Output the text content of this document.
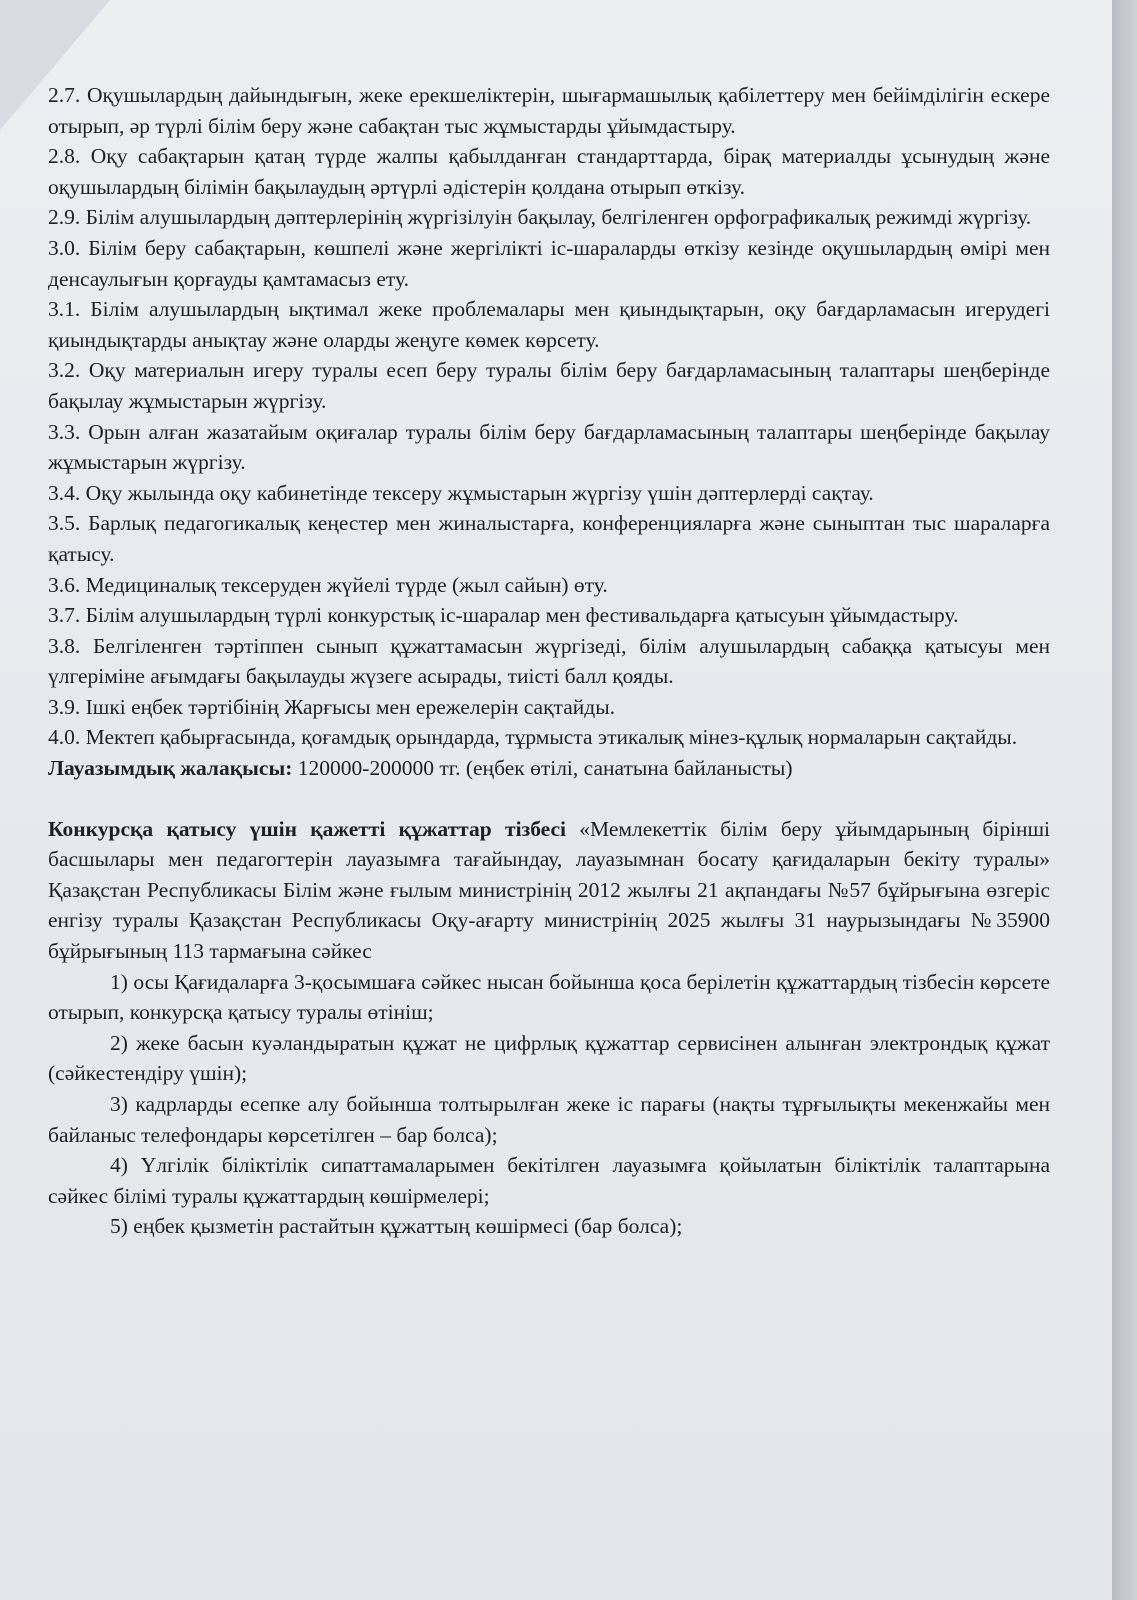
2.7. Оқушылардың дайындығын, жеке ерекшеліктерін, шығармашылық қабілеттеру мен бейімділігін ескере отырып, әр түрлі білім беру және сабақтан тыс жұмыстарды ұйымдастыру.

2.8. Оқу сабақтарын қатаң түрде жалпы қабылданған стандарттарда, бірақ материалды ұсынудың және оқушылардың білімін бақылаудың әртүрлі әдістерін қолдана отырып өткізу.

2.9. Білім алушылардың дәптерлерінің жүргізілуін бақылау, белгіленген орфографикалық режимді жүргізу.

3.0. Білім беру сабақтарын, көшпелі және жергілікті іс-шараларды өткізу кезінде оқушылардың өмірі мен денсаулығын қорғауды қамтамасыз ету.

3.1. Білім алушылардың ықтимал жеке проблемалары мен қиындықтарын, оқу бағдарламасын игерудегі қиындықтарды анықтау және оларды жеңуге көмек көрсету.

3.2. Оқу материалын игеру туралы есеп беру туралы білім беру бағдарламасының талаптары шеңберінде бақылау жұмыстарын жүргізу.

3.3. Орын алған жазатайым оқиғалар туралы білім беру бағдарламасының талаптары шеңберінде бақылау жұмыстарын жүргізу.

3.4. Оқу жылында оқу кабинетінде тексеру жұмыстарын жүргізу үшін дәптерлерді сақтау.

3.5. Барлық педагогикалық кеңестер мен жиналыстарға, конференцияларға және сыныптан тыс шараларға қатысу.

3.6. Медициналық тексеруден жүйелі түрде (жыл сайын) өту.

3.7. Білім алушылардың түрлі конкурстық іс-шаралар мен фестивальдарға қатысуын ұйымдастыру.

3.8. Белгіленген тәртіппен сынып құжаттамасын жүргізеді, білім алушылардың сабаққа қатысуы мен үлгеріміне ағымдағы бақылауды жүзеге асырады, тиісті балл қояды.

3.9. Ішкі еңбек тәртібінің Жарғысы мен ережелерін сақтайды.

4.0. Мектеп қабырғасында, қоғамдық орындарда, тұрмыста этикалық мінез-құлық нормаларын сақтайды.

Лауазымдық жалақысы: 120000-200000 тг. (еңбек өтілі, санатына байланысты)

Конкурсқа қатысу үшін қажетті құжаттар тізбесі «Мемлекеттік білім беру ұйымдарының бірінші басшылары мен педагогтерін лауазымға тағайындау, лауазымнан босату қағидаларын бекіту туралы» Қазақстан Республикасы Білім және ғылым министрінің 2012 жылғы 21 ақпандағы №57 бұйрығына өзгеріс енгізу туралы Қазақстан Республикасы Оқу-ағарту министрінің 2025 жылғы 31 наурызындағы №35900 бұйрығының 113 тармағына сәйкес

1) осы Қағидаларға 3-қосымшаға сәйкес нысан бойынша қоса берілетін құжаттардың тізбесін көрсете отырып, конкурсқа қатысу туралы өтініш;

2) жеке басын куәландыратын құжат не цифрлық құжаттар сервисінен алынған электрондық құжат (сәйкестендіру үшін);

3) кадрларды есепке алу бойынша толтырылған жеке іс парағы (нақты тұрғылықты мекенжайы мен байланыс телефондары көрсетілген – бар болса);

4) Үлгілік біліктілік сипаттамаларымен бекітілген лауазымға қойылатын біліктілік талаптарына сәйкес білімі туралы құжаттардың көшірмелері;

5) еңбек қызметін растайтын құжаттың көшірмесі (бар болса);
